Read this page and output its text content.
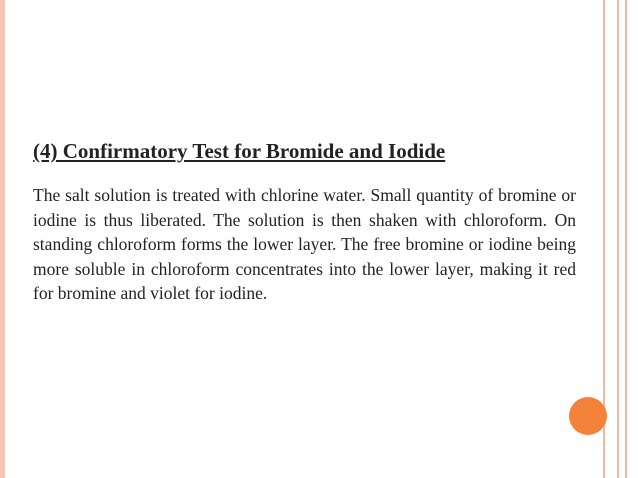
(4) Confirmatory Test for Bromide and Iodide

The salt solution is treated with chlorine water. Small quantity of bromine or iodine is thus liberated. The solution is then shaken with chloroform. On standing chloroform forms the lower layer. The free bromine or iodine being more soluble in chloroform concentrates into the lower layer, making it red for bromine and violet for iodine.
